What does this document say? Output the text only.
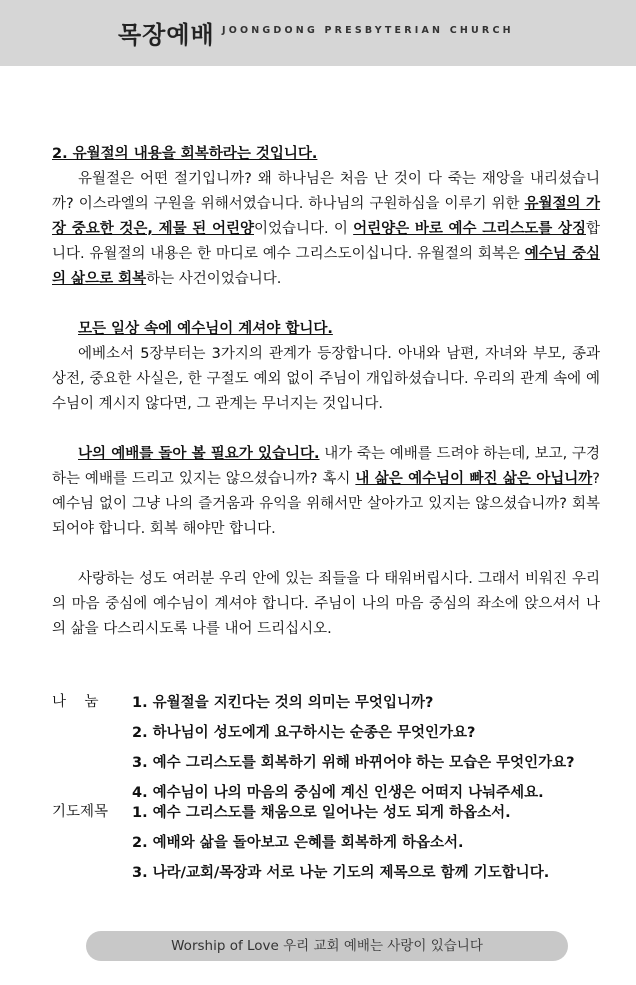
목장예배 JOONGDONG PRESBYTERIAN CHURCH
2. 유월절의 내용을 회복하라는 것입니다.

유월절은 어떤 절기입니까? 왜 하나님은 처음 난 것이 다 죽는 재앙을 내리셨습니까? 이스라엘의 구원을 위해서였습니다. 하나님의 구원하심을 이루기 위한 유월절의 가장 중요한 것은, 제물 된 어린양이었습니다. 이 어린양은 바로 예수 그리스도를 상징합니다. 유월절의 내용은 한 마디로 예수 그리스도이십니다. 유월절의 회복은 예수님 중심의 삶으로 회복하는 사건이었습니다.

모든 일상 속에 예수님이 계셔야 합니다.

에베소서 5장부터는 3가지의 관계가 등장합니다. 아내와 남편, 자녀와 부모, 종과 상전, 중요한 사실은, 한 구절도 예외 없이 주님이 개입하셨습니다. 우리의 관계 속에 예수님이 계시지 않다면, 그 관계는 무너지는 것입니다.

나의 예배를 돌아 볼 필요가 있습니다. 내가 죽는 예배를 드려야 하는데, 보고, 구경하는 예배를 드리고 있지는 않으셨습니까? 혹시 내 삶은 예수님이 빠진 삶은 아닙니까? 예수님 없이 그냥 나의 즐거움과 유익을 위해서만 살아가고 있지는 않으셨습니까? 회복 되어야 합니다. 회복 해야만 합니다.

사랑하는 성도 여러분 우리 안에 있는 죄들을 다 태워버립시다. 그래서 비워진 우리의 마음 중심에 예수님이 계셔야 합니다. 주님이 나의 마음 중심의 좌소에 앉으셔서 나의 삶을 다스리시도록 나를 내어 드리십시오.

나    눔	1. 유월절을 지킨다는 것의 의미는 무엇입니까?
2. 하나님이 성도에게 요구하시는 순종은 무엇인가요?
3. 예수 그리스도를 회복하기 위해 바뀌어야 하는 모습은 무엇인가요?
4. 예수님이 나의 마음의 중심에 계신 인생은 어떠지 나눠주세요.
기도제목	1. 예수 그리스도를 채움으로 일어나는 성도 되게 하옵소서.
2. 예배와 삶을 돌아보고 은혜를 회복하게 하옵소서.
3. 나라/교회/목장과 서로 나눈 기도의 제목으로 함께 기도합니다.
Worship of Love 우리 교회 예배는 사랑이 있습니다
